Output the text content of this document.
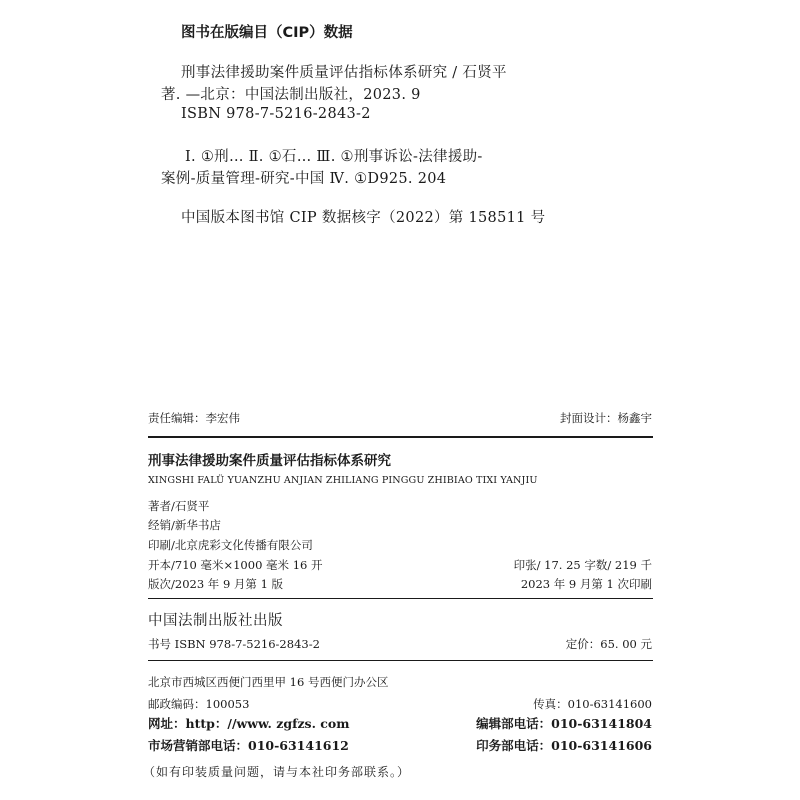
图书在版编目（CIP）数据
刑事法律援助案件质量评估指标体系研究 / 石贤平
著. —北京：中国法制出版社，2023. 9
ISBN 978-7-5216-2843-2
Ⅰ. ①刑… Ⅱ. ①石… Ⅲ. ①刑事诉讼-法律援助-
案例-质量管理-研究-中国 Ⅳ. ①D925. 204
中国版本图书馆 CIP 数据核字（2022）第 158511 号
责任编辑：李宏伟	封面设计：杨鑫宇
刑事法律援助案件质量评估指标体系研究
XINGSHI FALÜ YUANZHU ANJIAN ZHILIANG PINGGU ZHIBIAO TIXI YANJIU
著者/石贤平
经销/新华书店
印刷/北京虎彩文化传播有限公司
开本/710 毫米×1000 毫米 16 开	印张/ 17. 25 字数/ 219 千
版次/2023 年 9 月第 1 版	2023 年 9 月第 1 次印刷
中国法制出版社出版
书号 ISBN 978-7-5216-2843-2	定价：65. 00 元
北京市西城区西便门西里甲 16 号西便门办公区
邮政编码：100053	传真：010-63141600
网址：http：//www. zgfzs. com	编辑部电话：010-63141804
市场营销部电话：010-63141612	印务部电话：010-63141606
（如有印装质量问题，请与本社印务部联系。）
